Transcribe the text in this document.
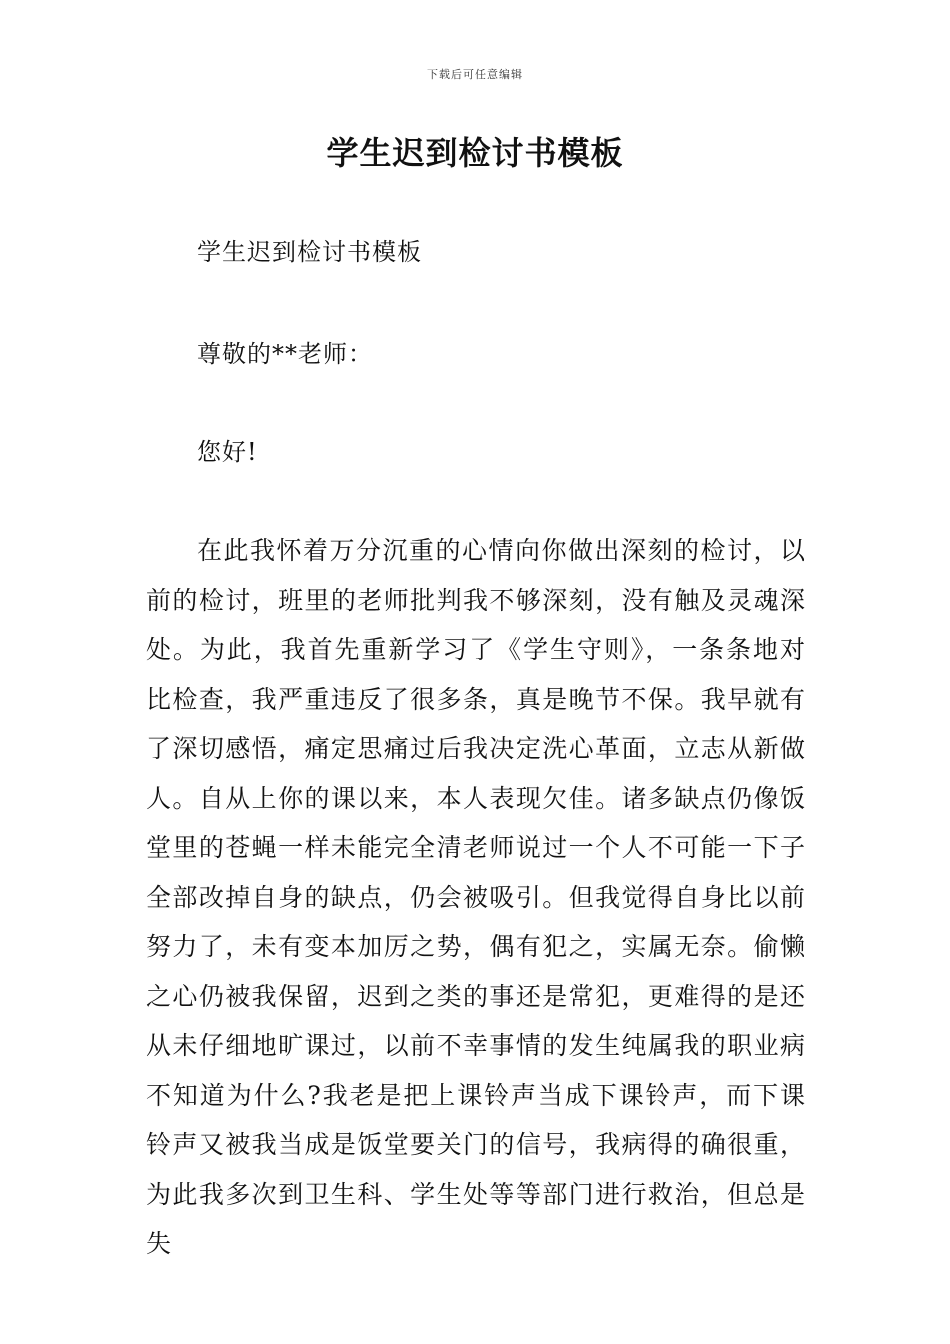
下载后可任意编辑
学生迟到检讨书模板

学生迟到检讨书模板

尊敬的**老师：

您好!

在此我怀着万分沉重的心情向你做出深刻的检讨，以前的检讨，班里的老师批判我不够深刻，没有触及灵魂深处。为此，我首先重新学习了《学生守则》，一条条地对比检查，我严重违反了很多条，真是晚节不保。我早就有了深切感悟，痛定思痛过后我决定洗心革面，立志从新做人。自从上你的课以来，本人表现欠佳。诸多缺点仍像饭堂里的苍蝇一样未能完全清老师说过一个人不可能一下子全部改掉自身的缺点，仍会被吸引。但我觉得自身比以前努力了，未有变本加厉之势，偶有犯之，实属无奈。偷懒之心仍被我保留，迟到之类的事还是常犯，更难得的是还从未仔细地旷课过，以前不幸事情的发生纯属我的职业病不知道为什么?我老是把上课铃声当成下课铃声，而下课铃声又被我当成是饭堂要关门的信号，我病得的确很重，为此我多次到卫生科、学生处等等部门进行救治，但总是失
